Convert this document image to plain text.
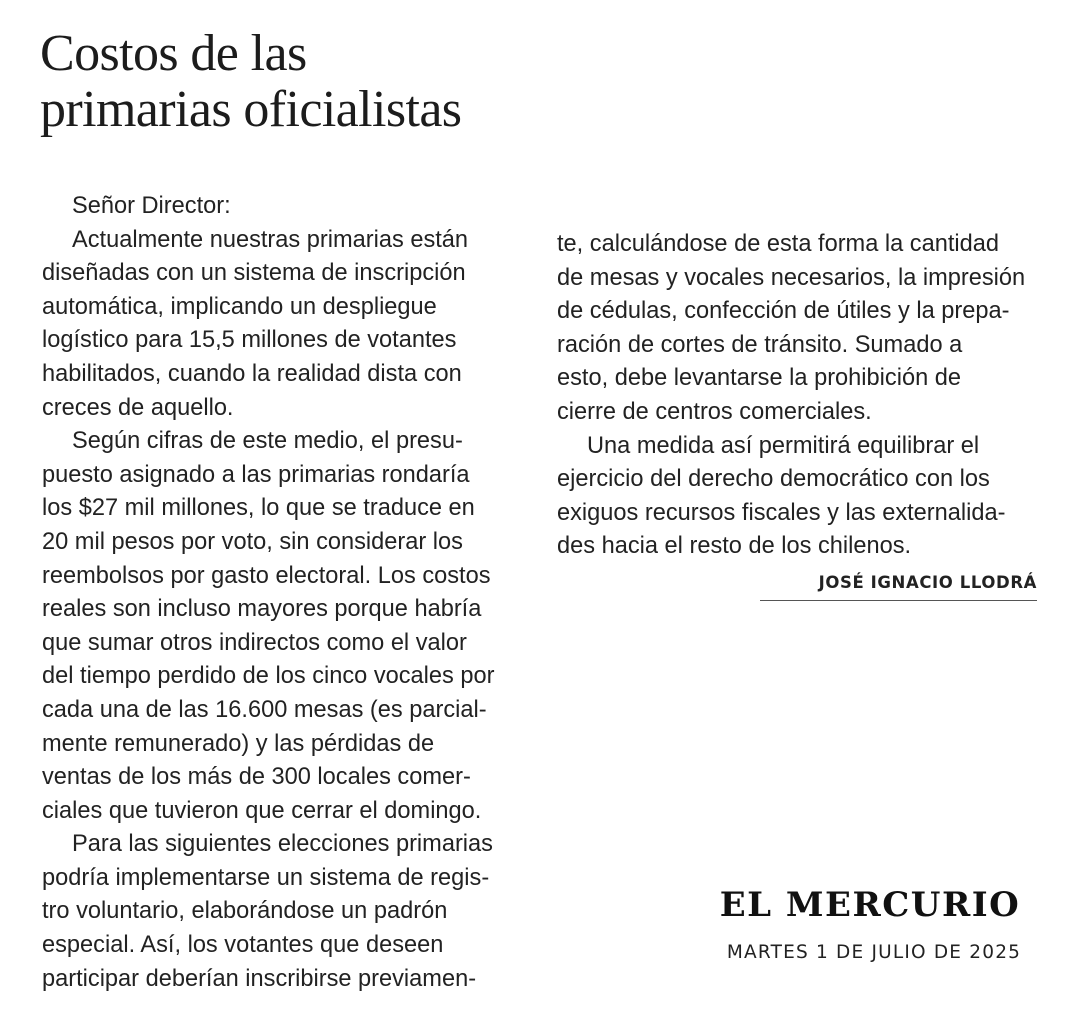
Costos de las
primarias oficialistas
Señor Director:
Actualmente nuestras primarias están
diseñadas con un sistema de inscripción
automática, implicando un despliegue
logístico para 15,5 millones de votantes
habilitados, cuando la realidad dista con
creces de aquello.
Según cifras de este medio, el presu-
puesto asignado a las primarias rondaría
los $27 mil millones, lo que se traduce en
20 mil pesos por voto, sin considerar los
reembolsos por gasto electoral. Los costos
reales son incluso mayores porque habría
que sumar otros indirectos como el valor
del tiempo perdido de los cinco vocales por
cada una de las 16.600 mesas (es parcial-
mente remunerado) y las pérdidas de
ventas de los más de 300 locales comer-
ciales que tuvieron que cerrar el domingo.
Para las siguientes elecciones primarias
podría implementarse un sistema de regis-
tro voluntario, elaborándose un padrón
especial. Así, los votantes que deseen
participar deberían inscribirse previamen-
te, calculándose de esta forma la cantidad
de mesas y vocales necesarios, la impresión
de cédulas, confección de útiles y la prepa-
ración de cortes de tránsito. Sumado a
esto, debe levantarse la prohibición de
cierre de centros comerciales.
Una medida así permitirá equilibrar el
ejercicio del derecho democrático con los
exiguos recursos fiscales y las externalida-
des hacia el resto de los chilenos.
JOSÉ IGNACIO LLODRÁ
EL MERCURIO
MARTES 1 DE JULIO DE 2025
